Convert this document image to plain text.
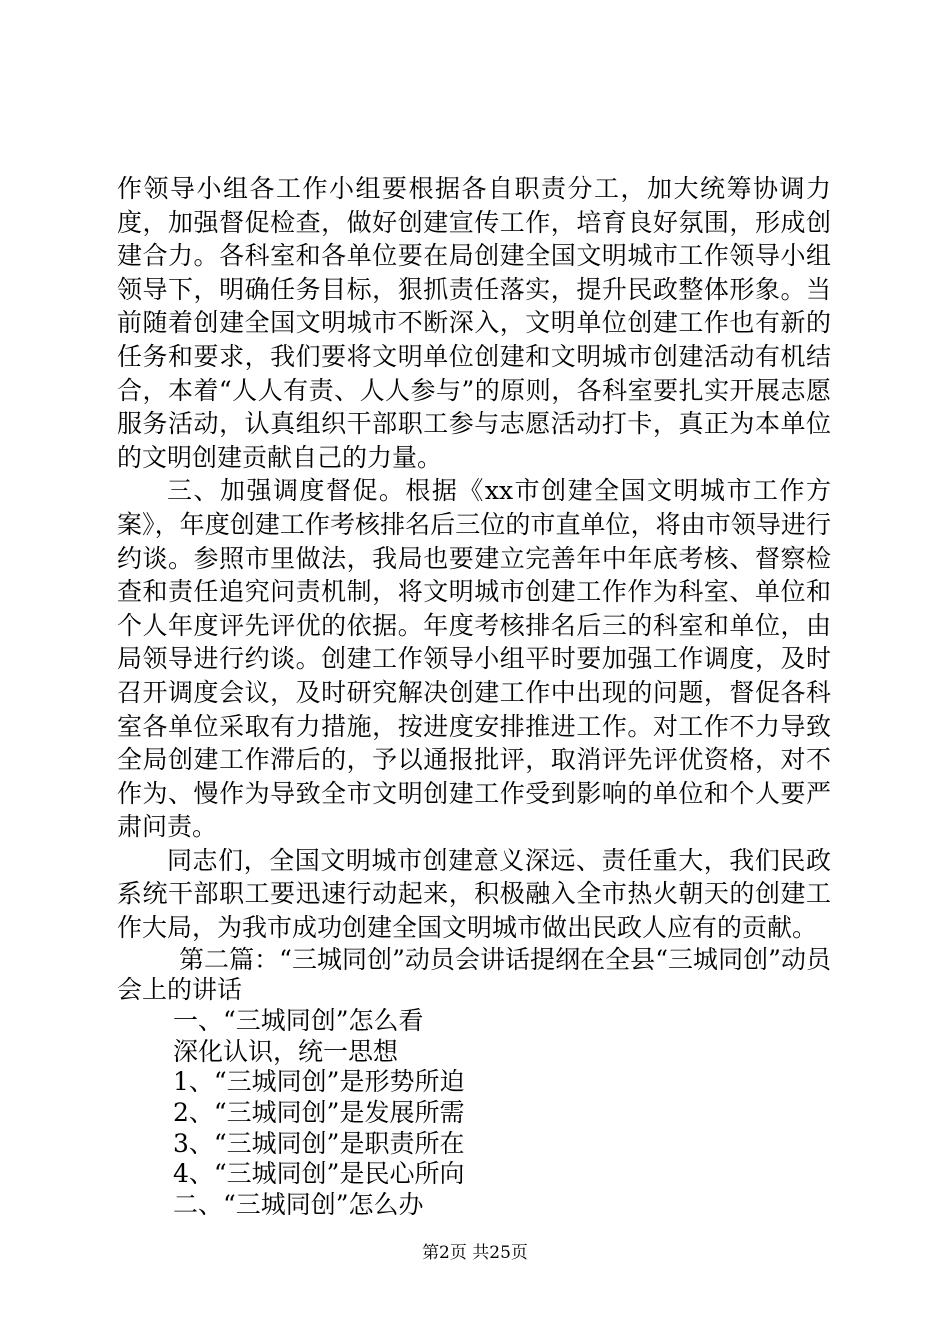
作领导小组各工作小组要根据各自职责分工，加大统筹协调力度，加强督促检查，做好创建宣传工作，培育良好氛围，形成创建合力。各科室和各单位要在局创建全国文明城市工作领导小组领导下，明确任务目标，狠抓责任落实，提升民政整体形象。当前随着创建全国文明城市不断深入，文明单位创建工作也有新的任务和要求，我们要将文明单位创建和文明城市创建活动有机结合，本着“人人有责、人人参与”的原则，各科室要扎实开展志愿服务活动，认真组织干部职工参与志愿活动打卡，真正为本单位的文明创建贡献自己的力量。

三、加强调度督促。根据《xx市创建全国文明城市工作方案》，年度创建工作考核排名后三位的市直单位，将由市领导进行约谈。参照市里做法，我局也要建立完善年中年底考核、督察检查和责任追究问责机制，将文明城市创建工作作为科室、单位和个人年度评先评优的依据。年度考核排名后三的科室和单位，由局领导进行约谈。创建工作领导小组平时要加强工作调度，及时召开调度会议，及时研究解决创建工作中出现的问题，督促各科室各单位采取有力措施，按进度安排推进工作。对工作不力导致全局创建工作滞后的，予以通报批评，取消评先评优资格，对不作为、慢作为导致全市文明创建工作受到影响的单位和个人要严肃问责。

同志们，全国文明城市创建意义深远、责任重大，我们民政系统干部职工要迅速行动起来，积极融入全市热火朝天的创建工作大局，为我市成功创建全国文明城市做出民政人应有的贡献。

第二篇：“三城同创”动员会讲话提纲在全县“三城同创”动员会上的讲话

一、“三城同创”怎么看
深化认识，统一思想
1、“三城同创”是形势所迫
2、“三城同创”是发展所需
3、“三城同创”是职责所在
4、“三城同创”是民心所向
二、“三城同创”怎么办
第2页 共25页
